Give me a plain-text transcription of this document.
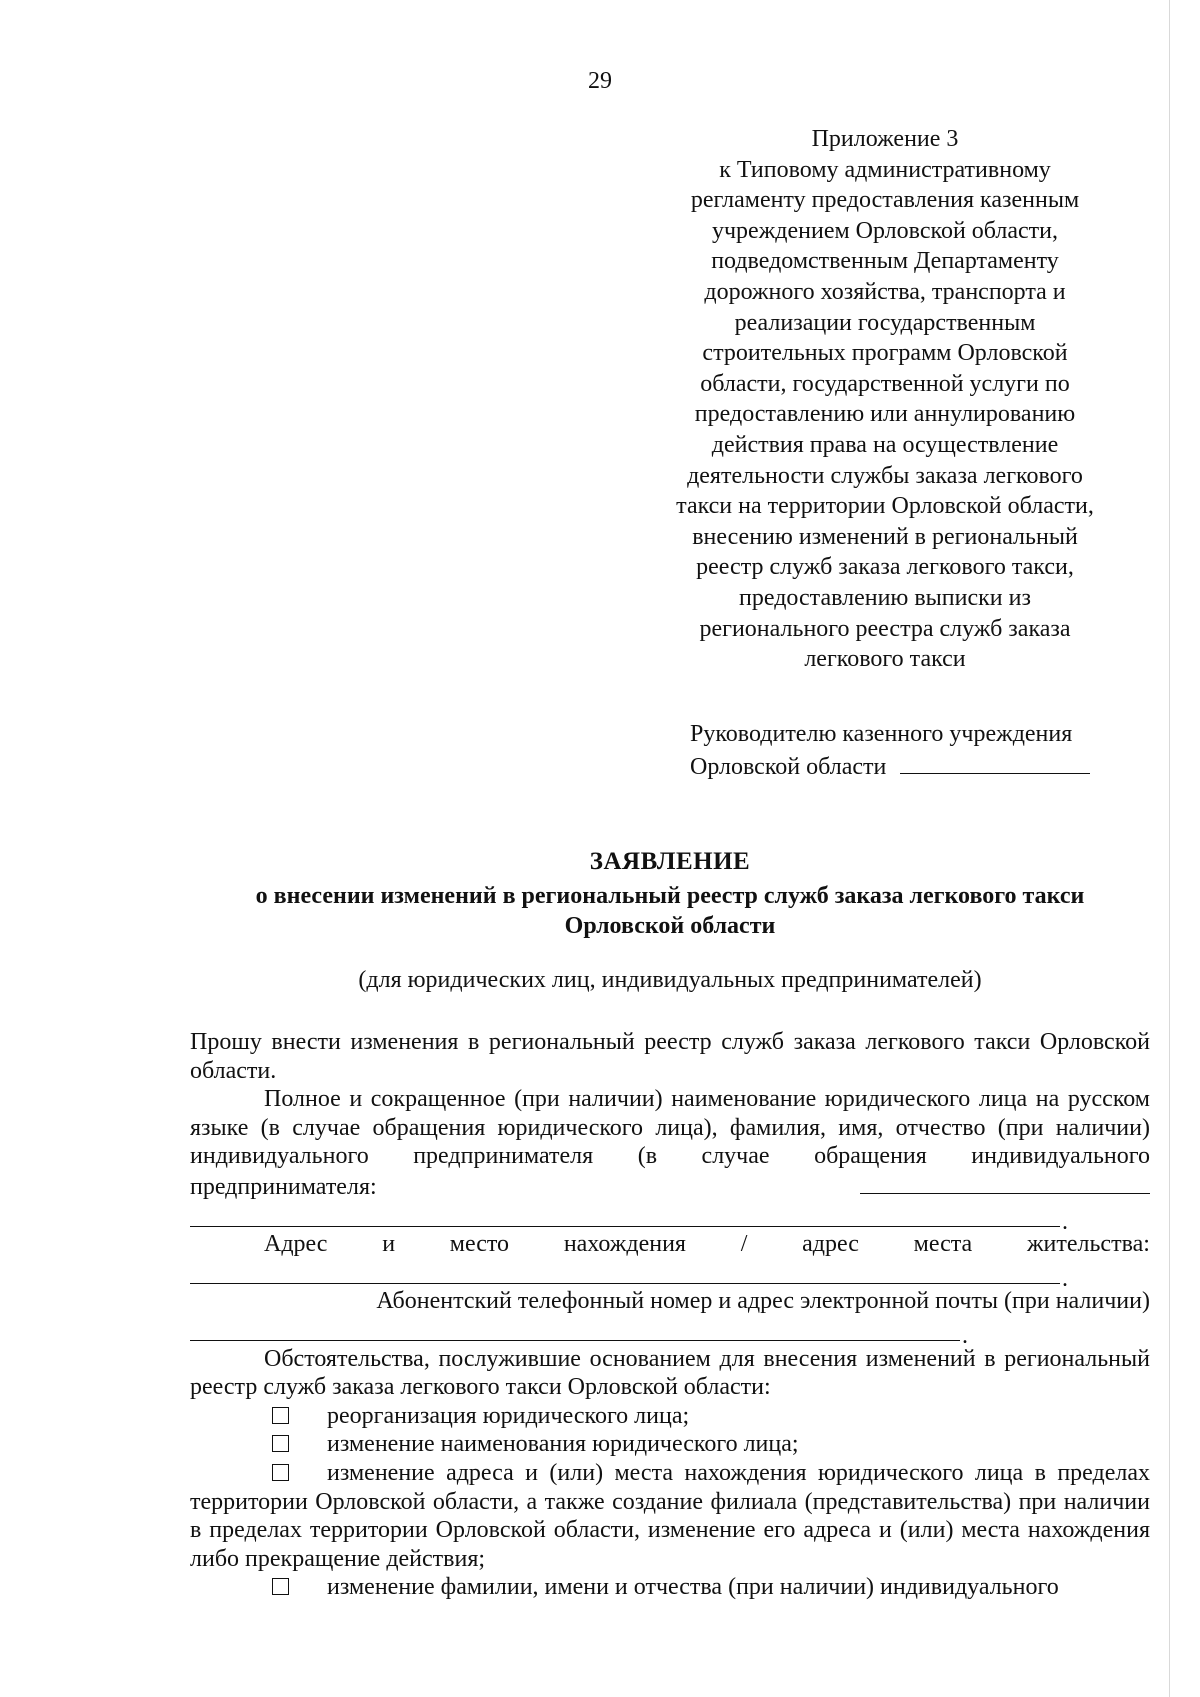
29
Приложение 3
к Типовому административному
регламенту предоставления казенным
учреждением Орловской области,
подведомственным Департаменту
дорожного хозяйства, транспорта и
реализации государственным
строительных программ Орловской
области, государственной услуги по
предоставлению или аннулированию
действия права на осуществление
деятельности службы заказа легкового
такси на территории Орловской области,
внесению изменений в региональный
реестр служб заказа легкового такси,
предоставлению выписки из
регионального реестра служб заказа
легкового такси
Руководителю казенного учреждения
Орловской области
ЗАЯВЛЕНИЕ
о внесении изменений в региональный реестр служб заказа легкового такси
Орловской области
(для юридических лиц, индивидуальных предпринимателей)

Прошу внести изменения в региональный реестр служб заказа легкового такси Орловской области.

Полное и сокращенное (при наличии) наименование юридического лица на русском языке (в случае обращения юридического лица), фамилия, имя, отчество (при наличии) индивидуального предпринимателя (в случае обращения индивидуального предпринимателя:

.
Адрес и место нахождения / адрес места жительства:
.

Абонентский телефонный номер и адрес электронной почты (при наличии)

.

Обстоятельства, послужившие основанием для внесения изменений в региональный реестр служб заказа легкового такси Орловской области:

реорганизация юридического лица;
изменение наименования юридического лица;
изменение адреса и (или) места нахождения юридического лица в пределах территории Орловской области, а также создание филиала (представительства) при наличии в пределах территории Орловской области, изменение его адреса и (или) места нахождения либо прекращение действия;
изменение фамилии, имени и отчества (при наличии) индивидуального
